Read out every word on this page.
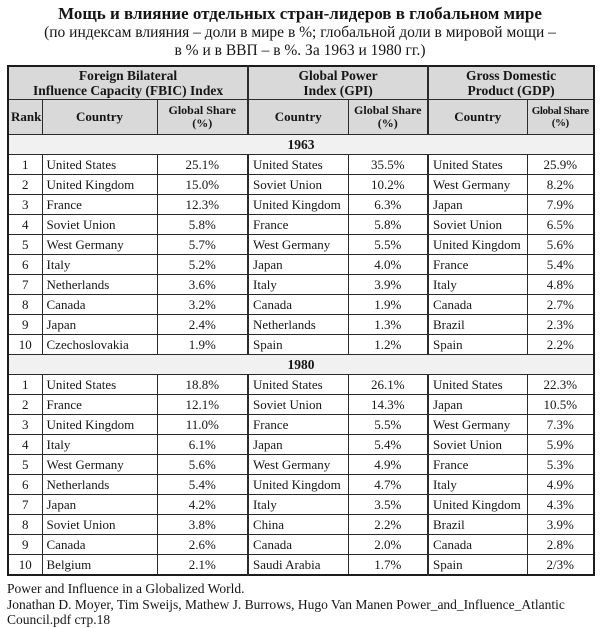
Мощь и влияние отдельных стран-лидеров в глобальном мире
(по индексам влияния – доли в мире в %; глобальной доли в мировой мощи –
в % и в ВВП – в %. За 1963 и 1980 гг.)
Foreign Bilateral
Influence Capacity (FBIC) Index

Global Power
Index (GPI)

Gross Domestic
Product (GDP)

Rank	Country	Global Share (%)	Country	Global Share (%)	Country	Global Share (%)
1963						
1	United States	25.1%	United States	35.5%	United States	25.9%
2	United Kingdom	15.0%	Soviet Union	10.2%	West Germany	8.2%
3	France	12.3%	United Kingdom	6.3%	Japan	7.9%
4	Soviet Union	5.8%	France	5.8%	Soviet Union	6.5%
5	West Germany	5.7%	West Germany	5.5%	United Kingdom	5.6%
6	Italy	5.2%	Japan	4.0%	France	5.4%
7	Netherlands	3.6%	Italy	3.9%	Italy	4.8%
8	Canada	3.2%	Canada	1.9%	Canada	2.7%
9	Japan	2.4%	Netherlands	1.3%	Brazil	2.3%
10	Czechoslovakia	1.9%	Spain	1.2%	Spain	2.2%
1980						
1	United States	18.8%	United States	26.1%	United States	22.3%
2	France	12.1%	Soviet Union	14.3%	Japan	10.5%
3	United Kingdom	11.0%	France	5.5%	West Germany	7.3%
4	Italy	6.1%	Japan	5.4%	Soviet Union	5.9%
5	West Germany	5.6%	West Germany	4.9%	France	5.3%
6	Netherlands	5.4%	United Kingdom	4.7%	Italy	4.9%
7	Japan	4.2%	Italy	3.5%	United Kingdom	4.3%
8	Soviet Union	3.8%	China	2.2%	Brazil	3.9%
9	Canada	2.6%	Canada	2.0%	Canada	2.8%
10	Belgium	2.1%	Saudi Arabia	1.7%	Spain	2/3%
Power and Influence in a Globalized World.
Jonathan D. Moyer, Tim Sweijs, Mathew J. Burrows, Hugo Van Manen Power_and_Influence_Atlantic
Council.pdf стр.18
